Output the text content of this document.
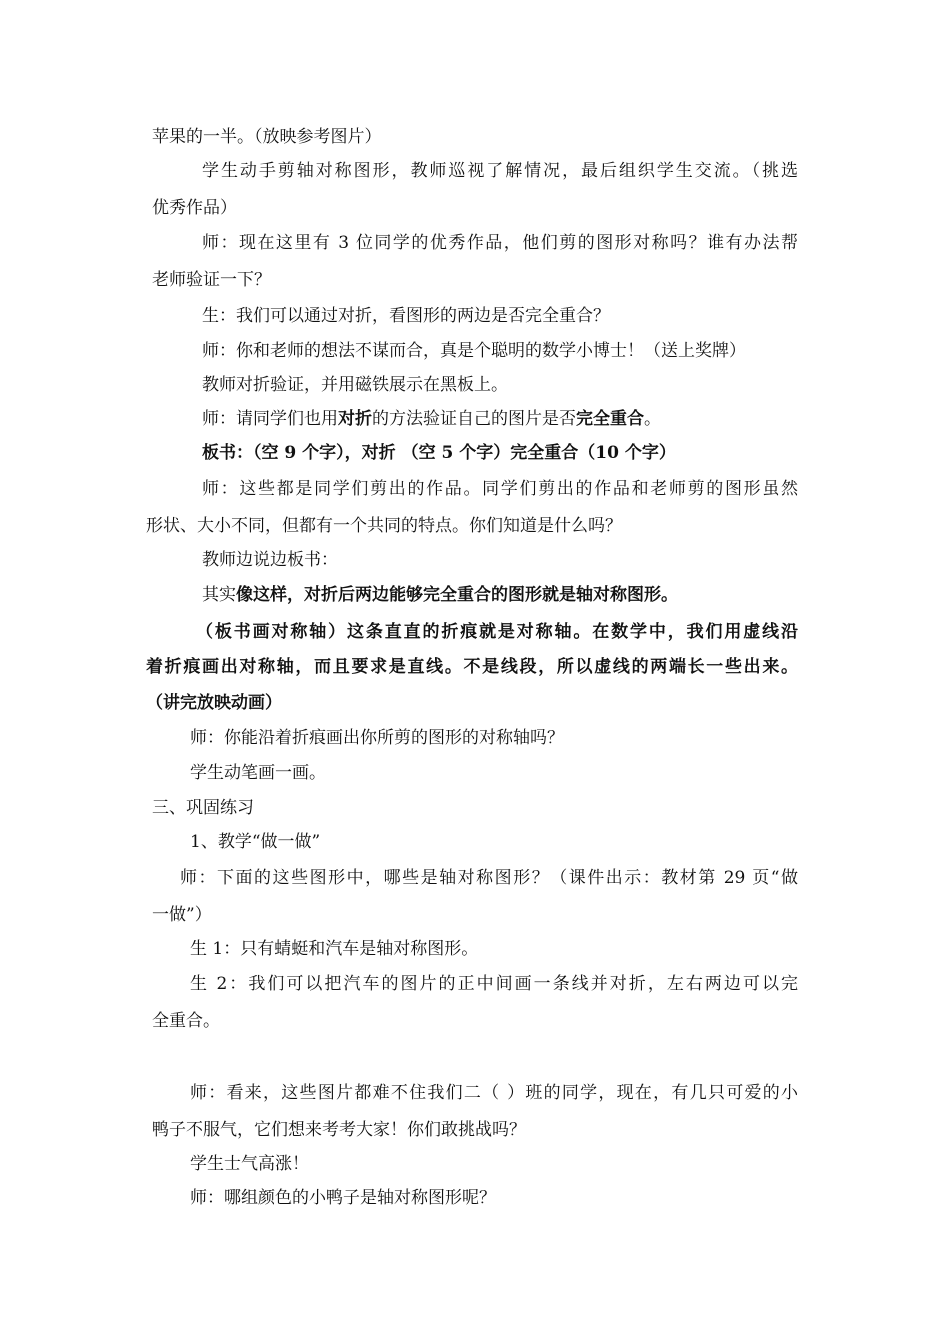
苹果的一半。（放映参考图片）
学生动手剪轴对称图形，教师巡视了解情况，最后组织学生交流。（挑选
优秀作品）
师：现在这里有 3 位同学的优秀作品，他们剪的图形对称吗？谁有办法帮
老师验证一下？
生：我们可以通过对折，看图形的两边是否完全重合？
师：你和老师的想法不谋而合，真是个聪明的数学小博士！（送上奖牌）
教师对折验证，并用磁铁展示在黑板上。
师：请同学们也用对折的方法验证自己的图片是否完全重合。
板书：（空 9 个字），对折 （空 5 个字）完全重合（10 个字）
师：这些都是同学们剪出的作品。同学们剪出的作品和老师剪的图形虽然
形状、大小不同，但都有一个共同的特点。你们知道是什么吗？
教师边说边板书：
其实像这样，对折后两边能够完全重合的图形就是轴对称图形。
（板书画对称轴）这条直直的折痕就是对称轴。在数学中，我们用虚线沿
着折痕画出对称轴，而且要求是直线。不是线段，所以虚线的两端长一些出来。
（讲完放映动画）
师：你能沿着折痕画出你所剪的图形的对称轴吗？
学生动笔画一画。
三、巩固练习
1、教学“做一做”
师：下面的这些图形中，哪些是轴对称图形？（课件出示：教材第 29 页“做
一做”）
生 1：只有蜻蜓和汽车是轴对称图形。
生 2：我们可以把汽车的图片的正中间画一条线并对折，左右两边可以完
全重合。
师：看来，这些图片都难不住我们二（ ）班的同学，现在，有几只可爱的小
鸭子不服气，它们想来考考大家！你们敢挑战吗？
学生士气高涨！
师：哪组颜色的小鸭子是轴对称图形呢？
